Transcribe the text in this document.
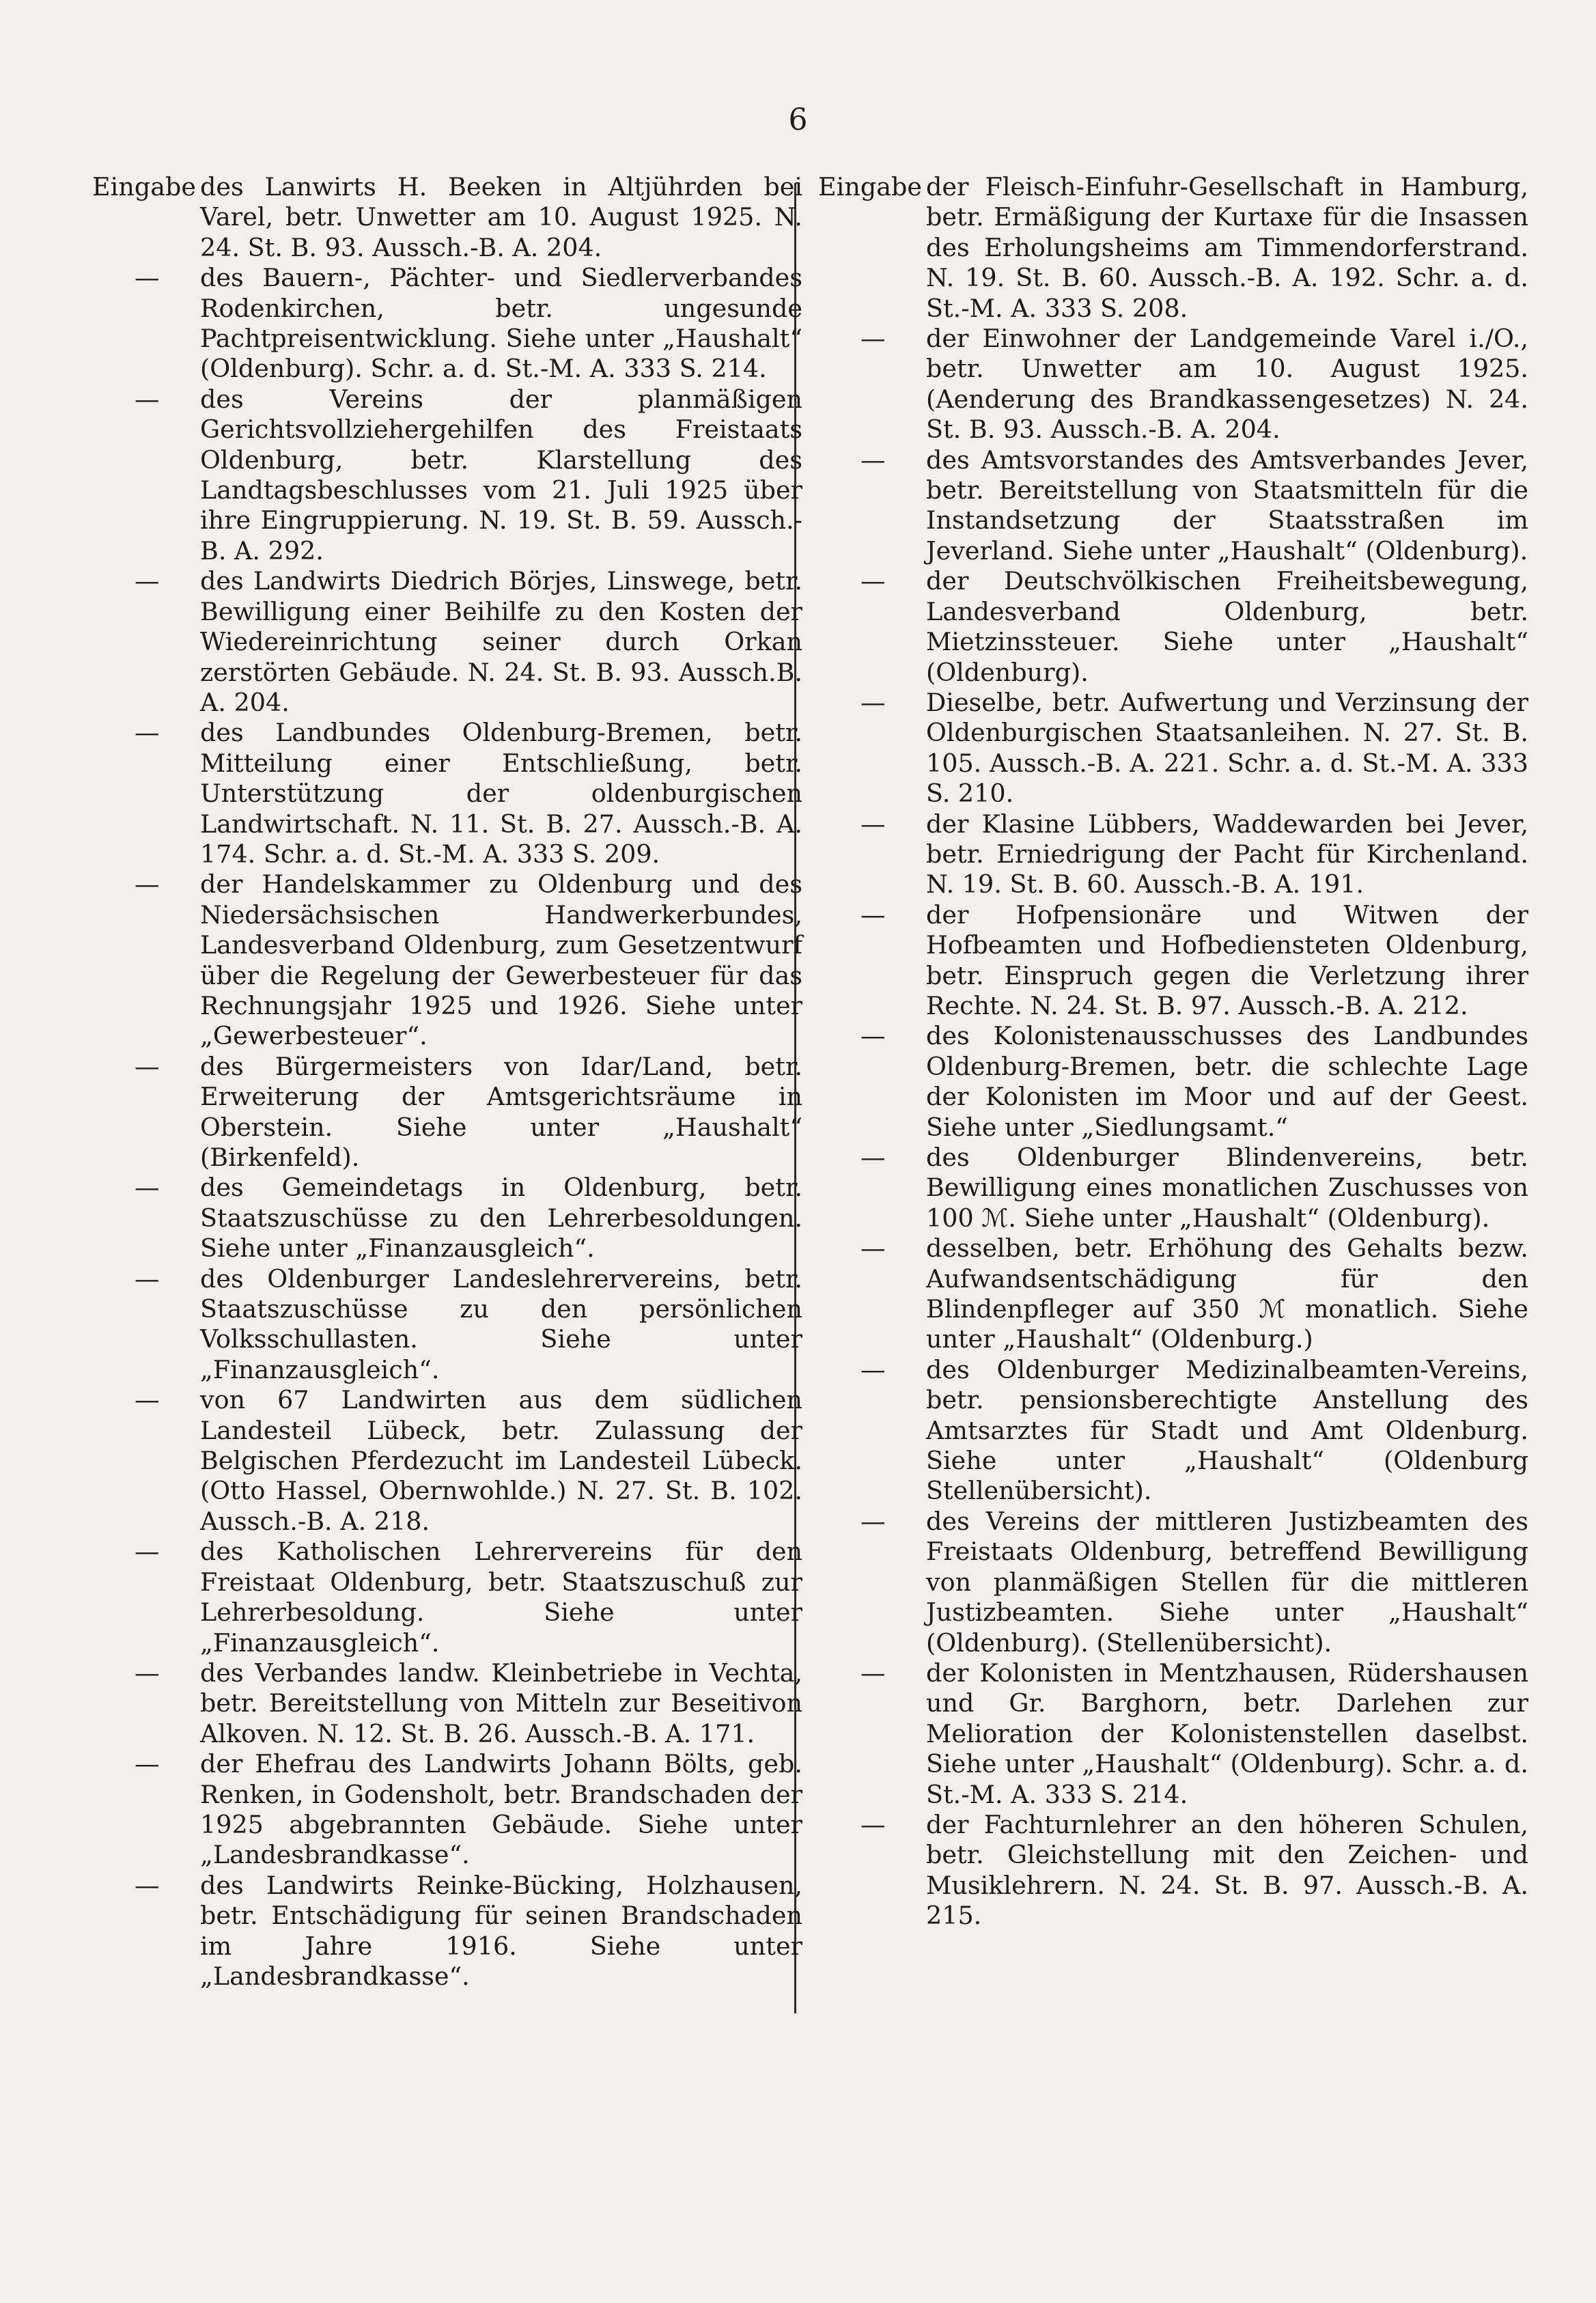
6

Eingabe des Lanwirts H. Beeken in Altjührden bei Varel, betr. Unwetter am 10. August 1925. N. 24. St. B. 93. Aussch.-B. A. 204.

— des Bauern-, Pächter- und Siedlerverbandes Rodenkirchen, betr. ungesunde Pachtpreisentwicklung. Siehe unter „Haushalt“ (Oldenburg). Schr. a. d. St.-M. A. 333 S. 214.

— des Vereins der planmäßigen Gerichtsvollziehergehilfen des Freistaats Oldenburg, betr. Klarstellung des Landtagsbeschlusses vom 21. Juli 1925 über ihre Eingruppierung. N. 19. St. B. 59. Aussch.-B. A. 292.

— des Landwirts Diedrich Börjes, Linswege, betr. Bewilligung einer Beihilfe zu den Kosten der Wiedereinrichtung seiner durch Orkan zerstörten Gebäude. N. 24. St. B. 93. Aussch.B. A. 204.

— des Landbundes Oldenburg-Bremen, betr. Mitteilung einer Entschließung, betr. Unterstützung der oldenburgischen Landwirtschaft. N. 11. St. B. 27. Aussch.-B. A. 174. Schr. a. d. St.-M. A. 333 S. 209.

— der Handelskammer zu Oldenburg und des Niedersächsischen Handwerkerbundes, Landesverband Oldenburg, zum Gesetzentwurf über die Regelung der Gewerbesteuer für das Rechnungsjahr 1925 und 1926. Siehe unter „Gewerbesteuer“.

— des Bürgermeisters von Idar/Land, betr. Erweiterung der Amtsgerichtsräume in Oberstein. Siehe unter „Haushalt“ (Birkenfeld).

— des Gemeindetags in Oldenburg, betr. Staatszuschüsse zu den Lehrerbesoldungen. Siehe unter „Finanzausgleich“.

— des Oldenburger Landeslehrervereins, betr. Staatszuschüsse zu den persönlichen Volksschullasten. Siehe unter „Finanzausgleich“.

— von 67 Landwirten aus dem südlichen Landesteil Lübeck, betr. Zulassung der Belgischen Pferdezucht im Landesteil Lübeck. (Otto Hassel, Obernwohlde.) N. 27. St. B. 102. Aussch.-B. A. 218.

— des Katholischen Lehrervereins für den Freistaat Oldenburg, betr. Staatszuschuß zur Lehrerbesoldung. Siehe unter „Finanzausgleich“.

— des Verbandes landw. Kleinbetriebe in Vechta, betr. Bereitstellung von Mitteln zur Beseitivon Alkoven. N. 12. St. B. 26. Aussch.-B. A. 171.

— der Ehefrau des Landwirts Johann Bölts, geb. Renken, in Godensholt, betr. Brandschaden der 1925 abgebrannten Gebäude. Siehe unter „Landesbrandkasse“.

— des Landwirts Reinke-Bücking, Holzhausen, betr. Entschädigung für seinen Brandschaden im Jahre 1916. Siehe unter „Landesbrandkasse“.

Eingabe der Fleisch-Einfuhr-Gesellschaft in Hamburg, betr. Ermäßigung der Kurtaxe für die Insassen des Erholungsheims am Timmendorferstrand. N. 19. St. B. 60. Aussch.-B. A. 192. Schr. a. d. St.-M. A. 333 S. 208.

— der Einwohner der Landgemeinde Varel i./O., betr. Unwetter am 10. August 1925. (Aenderung des Brandkassengesetzes) N. 24. St. B. 93. Aussch.-B. A. 204.

— des Amtsvorstandes des Amtsverbandes Jever, betr. Bereitstellung von Staatsmitteln für die Instandsetzung der Staatsstraßen im Jeverland. Siehe unter „Haushalt“ (Oldenburg).

— der Deutschvölkischen Freiheitsbewegung, Landesverband Oldenburg, betr. Mietzinssteuer. Siehe unter „Haushalt“ (Oldenburg).

— Dieselbe, betr. Aufwertung und Verzinsung der Oldenburgischen Staatsanleihen. N. 27. St. B. 105. Aussch.-B. A. 221. Schr. a. d. St.-M. A. 333 S. 210.

— der Klasine Lübbers, Waddewarden bei Jever, betr. Erniedrigung der Pacht für Kirchenland. N. 19. St. B. 60. Aussch.-B. A. 191.

— der Hofpensionäre und Witwen der Hofbeamten und Hofbediensteten Oldenburg, betr. Einspruch gegen die Verletzung ihrer Rechte. N. 24. St. B. 97. Aussch.-B. A. 212.

— des Kolonistenausschusses des Landbundes Oldenburg-Bremen, betr. die schlechte Lage der Kolonisten im Moor und auf der Geest. Siehe unter „Siedlungsamt.“

— des Oldenburger Blindenvereins, betr. Bewilligung eines monatlichen Zuschusses von 100 ℳ. Siehe unter „Haushalt“ (Oldenburg).

— desselben, betr. Erhöhung des Gehalts bezw. Aufwandsentschädigung für den Blindenpfleger auf 350 ℳ monatlich. Siehe unter „Haushalt“ (Oldenburg.)

— des Oldenburger Medizinalbeamten-Vereins, betr. pensionsberechtigte Anstellung des Amtsarztes für Stadt und Amt Oldenburg. Siehe unter „Haushalt“ (Oldenburg Stellenübersicht).

— des Vereins der mittleren Justizbeamten des Freistaats Oldenburg, betreffend Bewilligung von planmäßigen Stellen für die mittleren Justizbeamten. Siehe unter „Haushalt“ (Oldenburg). (Stellenübersicht).

— der Kolonisten in Mentzhausen, Rüdershausen und Gr. Barghorn, betr. Darlehen zur Melioration der Kolonistenstellen daselbst. Siehe unter „Haushalt“ (Oldenburg). Schr. a. d. St.-M. A. 333 S. 214.

— der Fachturnlehrer an den höheren Schulen, betr. Gleichstellung mit den Zeichen- und Musiklehrern. N. 24. St. B. 97. Aussch.-B. A. 215.
